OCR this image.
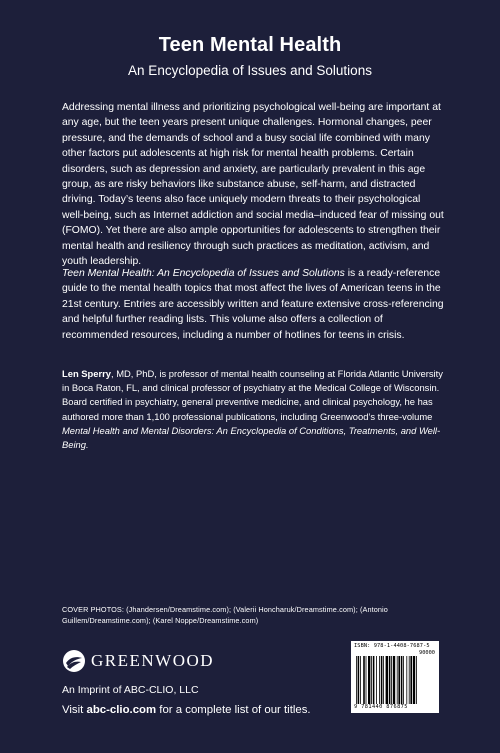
Teen Mental Health
An Encyclopedia of Issues and Solutions
Addressing mental illness and prioritizing psychological well-being are important at any age, but the teen years present unique challenges. Hormonal changes, peer pressure, and the demands of school and a busy social life combined with many other factors put adolescents at high risk for mental health problems. Certain disorders, such as depression and anxiety, are particularly prevalent in this age group, as are risky behaviors like substance abuse, self-harm, and distracted driving. Today’s teens also face uniquely modern threats to their psychological well-being, such as Internet addiction and social media–induced fear of missing out (FOMO). Yet there are also ample opportunities for adolescents to strengthen their mental health and resiliency through such practices as meditation, activism, and youth leadership.
Teen Mental Health: An Encyclopedia of Issues and Solutions is a ready-reference guide to the mental health topics that most affect the lives of American teens in the 21st century. Entries are accessibly written and feature extensive cross-referencing and helpful further reading lists. This volume also offers a collection of recommended resources, including a number of hotlines for teens in crisis.
Len Sperry, MD, PhD, is professor of mental health counseling at Florida Atlantic University in Boca Raton, FL, and clinical professor of psychiatry at the Medical College of Wisconsin. Board certified in psychiatry, general preventive medicine, and clinical psychology, he has authored more than 1,100 professional publications, including Greenwood’s three-volume Mental Health and Mental Disorders: An Encyclopedia of Conditions, Treatments, and Well-Being.
COVER PHOTOS: (Jhandersen/Dreamstime.com); (Valerii Honcharuk/Dreamstime.com); (Antonio Guillem/Dreamstime.com); (Karel Noppe/Dreamstime.com)
GREENWOOD
An Imprint of ABC-CLIO, LLC
Visit abc-clio.com for a complete list of our titles.
ISBN: 978-1-4408-7687-5
90000
9 781440 876875
